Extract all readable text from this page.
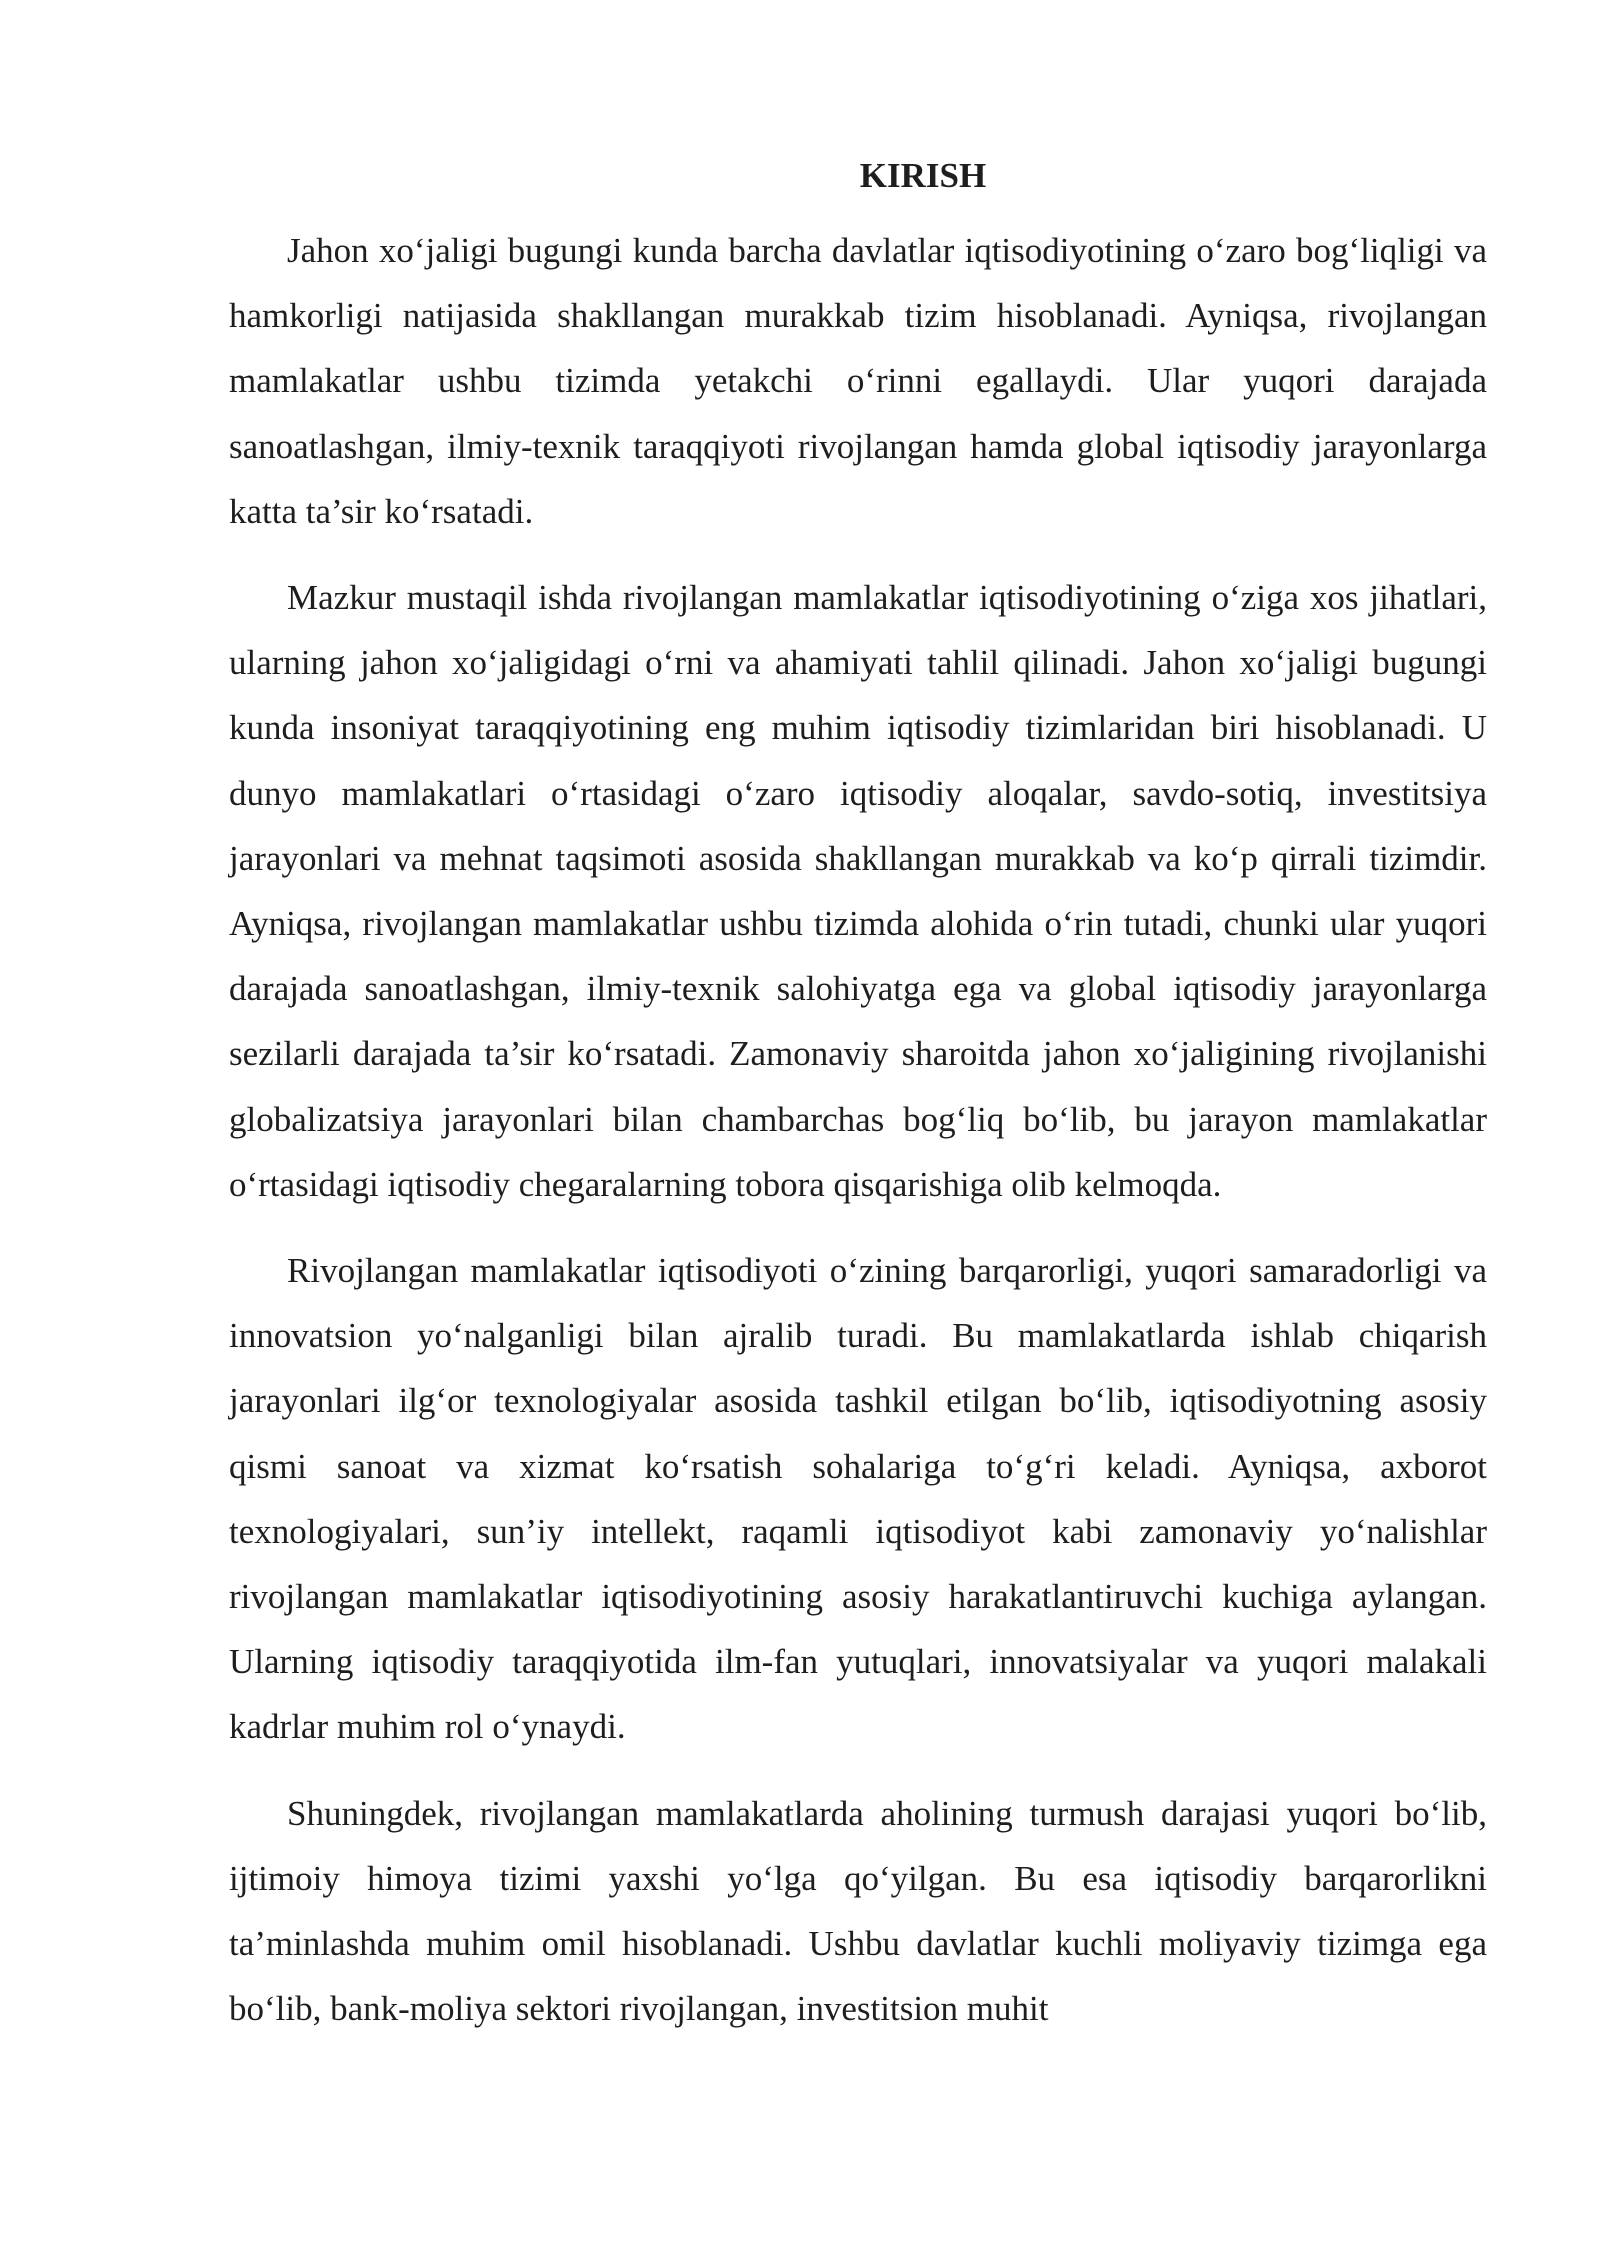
KIRISH

Jahon xo‘jaligi bugungi kunda barcha davlatlar iqtisodiyotining o‘zaro bog‘liqligi va hamkorligi natijasida shakllangan murakkab tizim hisoblanadi. Ayniqsa, rivojlangan mamlakatlar ushbu tizimda yetakchi o‘rinni egallaydi. Ular yuqori darajada sanoatlashgan, ilmiy-texnik taraqqiyoti rivojlangan hamda global iqtisodiy jarayonlarga katta ta’sir ko‘rsatadi.

Mazkur mustaqil ishda rivojlangan mamlakatlar iqtisodiyotining o‘ziga xos jihatlari, ularning jahon xo‘jaligidagi o‘rni va ahamiyati tahlil qilinadi. Jahon xo‘jaligi bugungi kunda insoniyat taraqqiyotining eng muhim iqtisodiy tizimlaridan biri hisoblanadi. U dunyo mamlakatlari o‘rtasidagi o‘zaro iqtisodiy aloqalar, savdo-sotiq, investitsiya jarayonlari va mehnat taqsimoti asosida shakllangan murakkab va ko‘p qirrali tizimdir. Ayniqsa, rivojlangan mamlakatlar ushbu tizimda alohida o‘rin tutadi, chunki ular yuqori darajada sanoatlashgan, ilmiy-texnik salohiyatga ega va global iqtisodiy jarayonlarga sezilarli darajada ta’sir ko‘rsatadi. Zamonaviy sharoitda jahon xo‘jaligining rivojlanishi globalizatsiya jarayonlari bilan chambarchas bog‘liq bo‘lib, bu jarayon mamlakatlar o‘rtasidagi iqtisodiy chegaralarning tobora qisqarishiga olib kelmoqda.

Rivojlangan mamlakatlar iqtisodiyoti o‘zining barqarorligi, yuqori samaradorligi va innovatsion yo‘nalganligi bilan ajralib turadi. Bu mamlakatlarda ishlab chiqarish jarayonlari ilg‘or texnologiyalar asosida tashkil etilgan bo‘lib, iqtisodiyotning asosiy qismi sanoat va xizmat ko‘rsatish sohalariga to‘g‘ri keladi. Ayniqsa, axborot texnologiyalari, sun’iy intellekt, raqamli iqtisodiyot kabi zamonaviy yo‘nalishlar rivojlangan mamlakatlar iqtisodiyotining asosiy harakatlantiruvchi kuchiga aylangan. Ularning iqtisodiy taraqqiyotida ilm-fan yutuqlari, innovatsiyalar va yuqori malakali kadrlar muhim rol o‘ynaydi.

Shuningdek, rivojlangan mamlakatlarda aholining turmush darajasi yuqori bo‘lib, ijtimoiy himoya tizimi yaxshi yo‘lga qo‘yilgan. Bu esa iqtisodiy barqarorlikni ta’minlashda muhim omil hisoblanadi. Ushbu davlatlar kuchli moliyaviy tizimga ega bo‘lib, bank-moliya sektori rivojlangan, investitsion muhit
